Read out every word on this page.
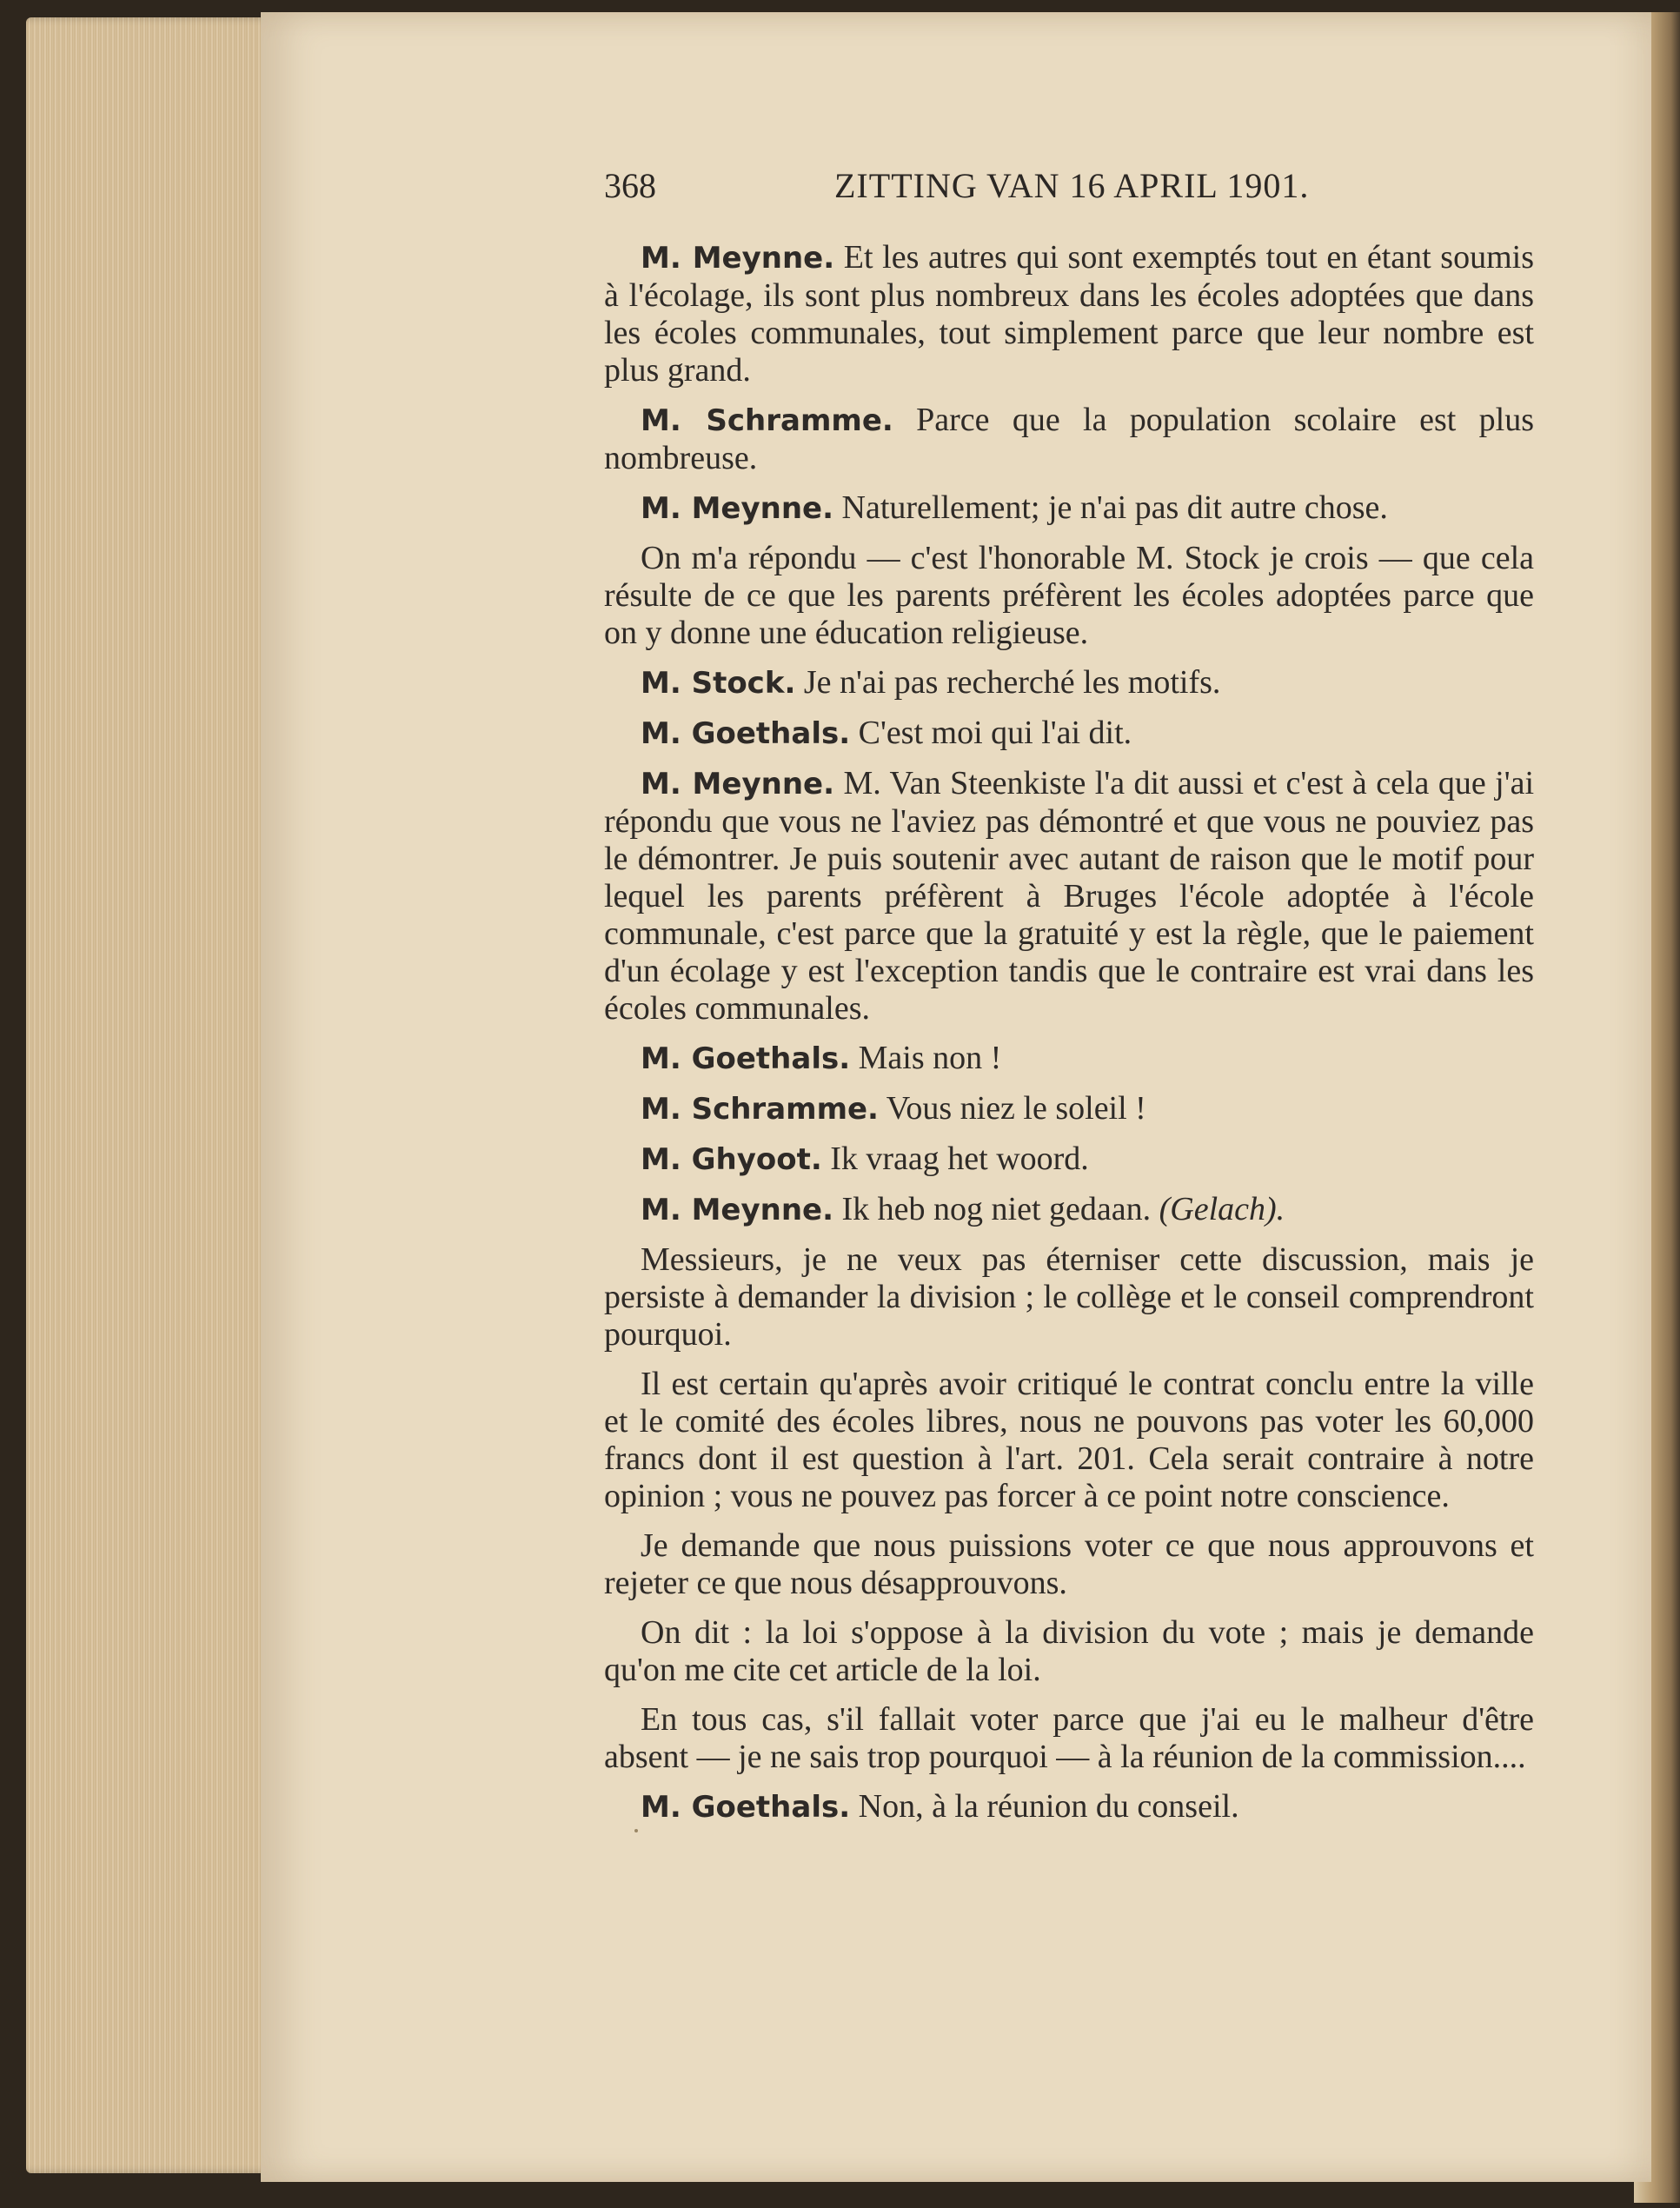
368	ZITTING VAN 16 APRIL 1901.

M. Meynne. Et les autres qui sont exemptés tout en étant soumis à l'écolage, ils sont plus nombreux dans les écoles adoptées que dans les écoles communales, tout simplement parce que leur nombre est plus grand.

M. Schramme. Parce que la population scolaire est plus nombreuse.

M. Meynne. Naturellement; je n'ai pas dit autre chose.

On m'a répondu — c'est l'honorable M. Stock je crois — que cela résulte de ce que les parents préfèrent les écoles adoptées parce que on y donne une éducation religieuse.

M. Stock. Je n'ai pas recherché les motifs.

M. Goethals. C'est moi qui l'ai dit.

M. Meynne. M. Van Steenkiste l'a dit aussi et c'est à cela que j'ai répondu que vous ne l'aviez pas démontré et que vous ne pouviez pas le démontrer. Je puis soutenir avec autant de raison que le motif pour lequel les parents préfèrent à Bruges l'école adoptée à l'école communale, c'est parce que la gratuité y est la règle, que le paiement d'un écolage y est l'exception tandis que le contraire est vrai dans les écoles communales.

M. Goethals. Mais non !

M. Schramme. Vous niez le soleil !

M. Ghyoot. Ik vraag het woord.

M. Meynne. Ik heb nog niet gedaan. (Gelach).

Messieurs, je ne veux pas éterniser cette discussion, mais je persiste à demander la division ; le collège et le conseil comprendront pourquoi.

Il est certain qu'après avoir critiqué le contrat conclu entre la ville et le comité des écoles libres, nous ne pouvons pas voter les 60,000 francs dont il est question à l'art. 201. Cela serait contraire à notre opinion ; vous ne pouvez pas forcer à ce point notre conscience.

Je demande que nous puissions voter ce que nous approuvons et rejeter ce que nous désapprouvons.

On dit : la loi s'oppose à la division du vote ; mais je demande qu'on me cite cet article de la loi.

En tous cas, s'il fallait voter parce que j'ai eu le malheur d'être absent — je ne sais trop pourquoi — à la réunion de la commission....

M. Goethals. Non, à la réunion du conseil.
